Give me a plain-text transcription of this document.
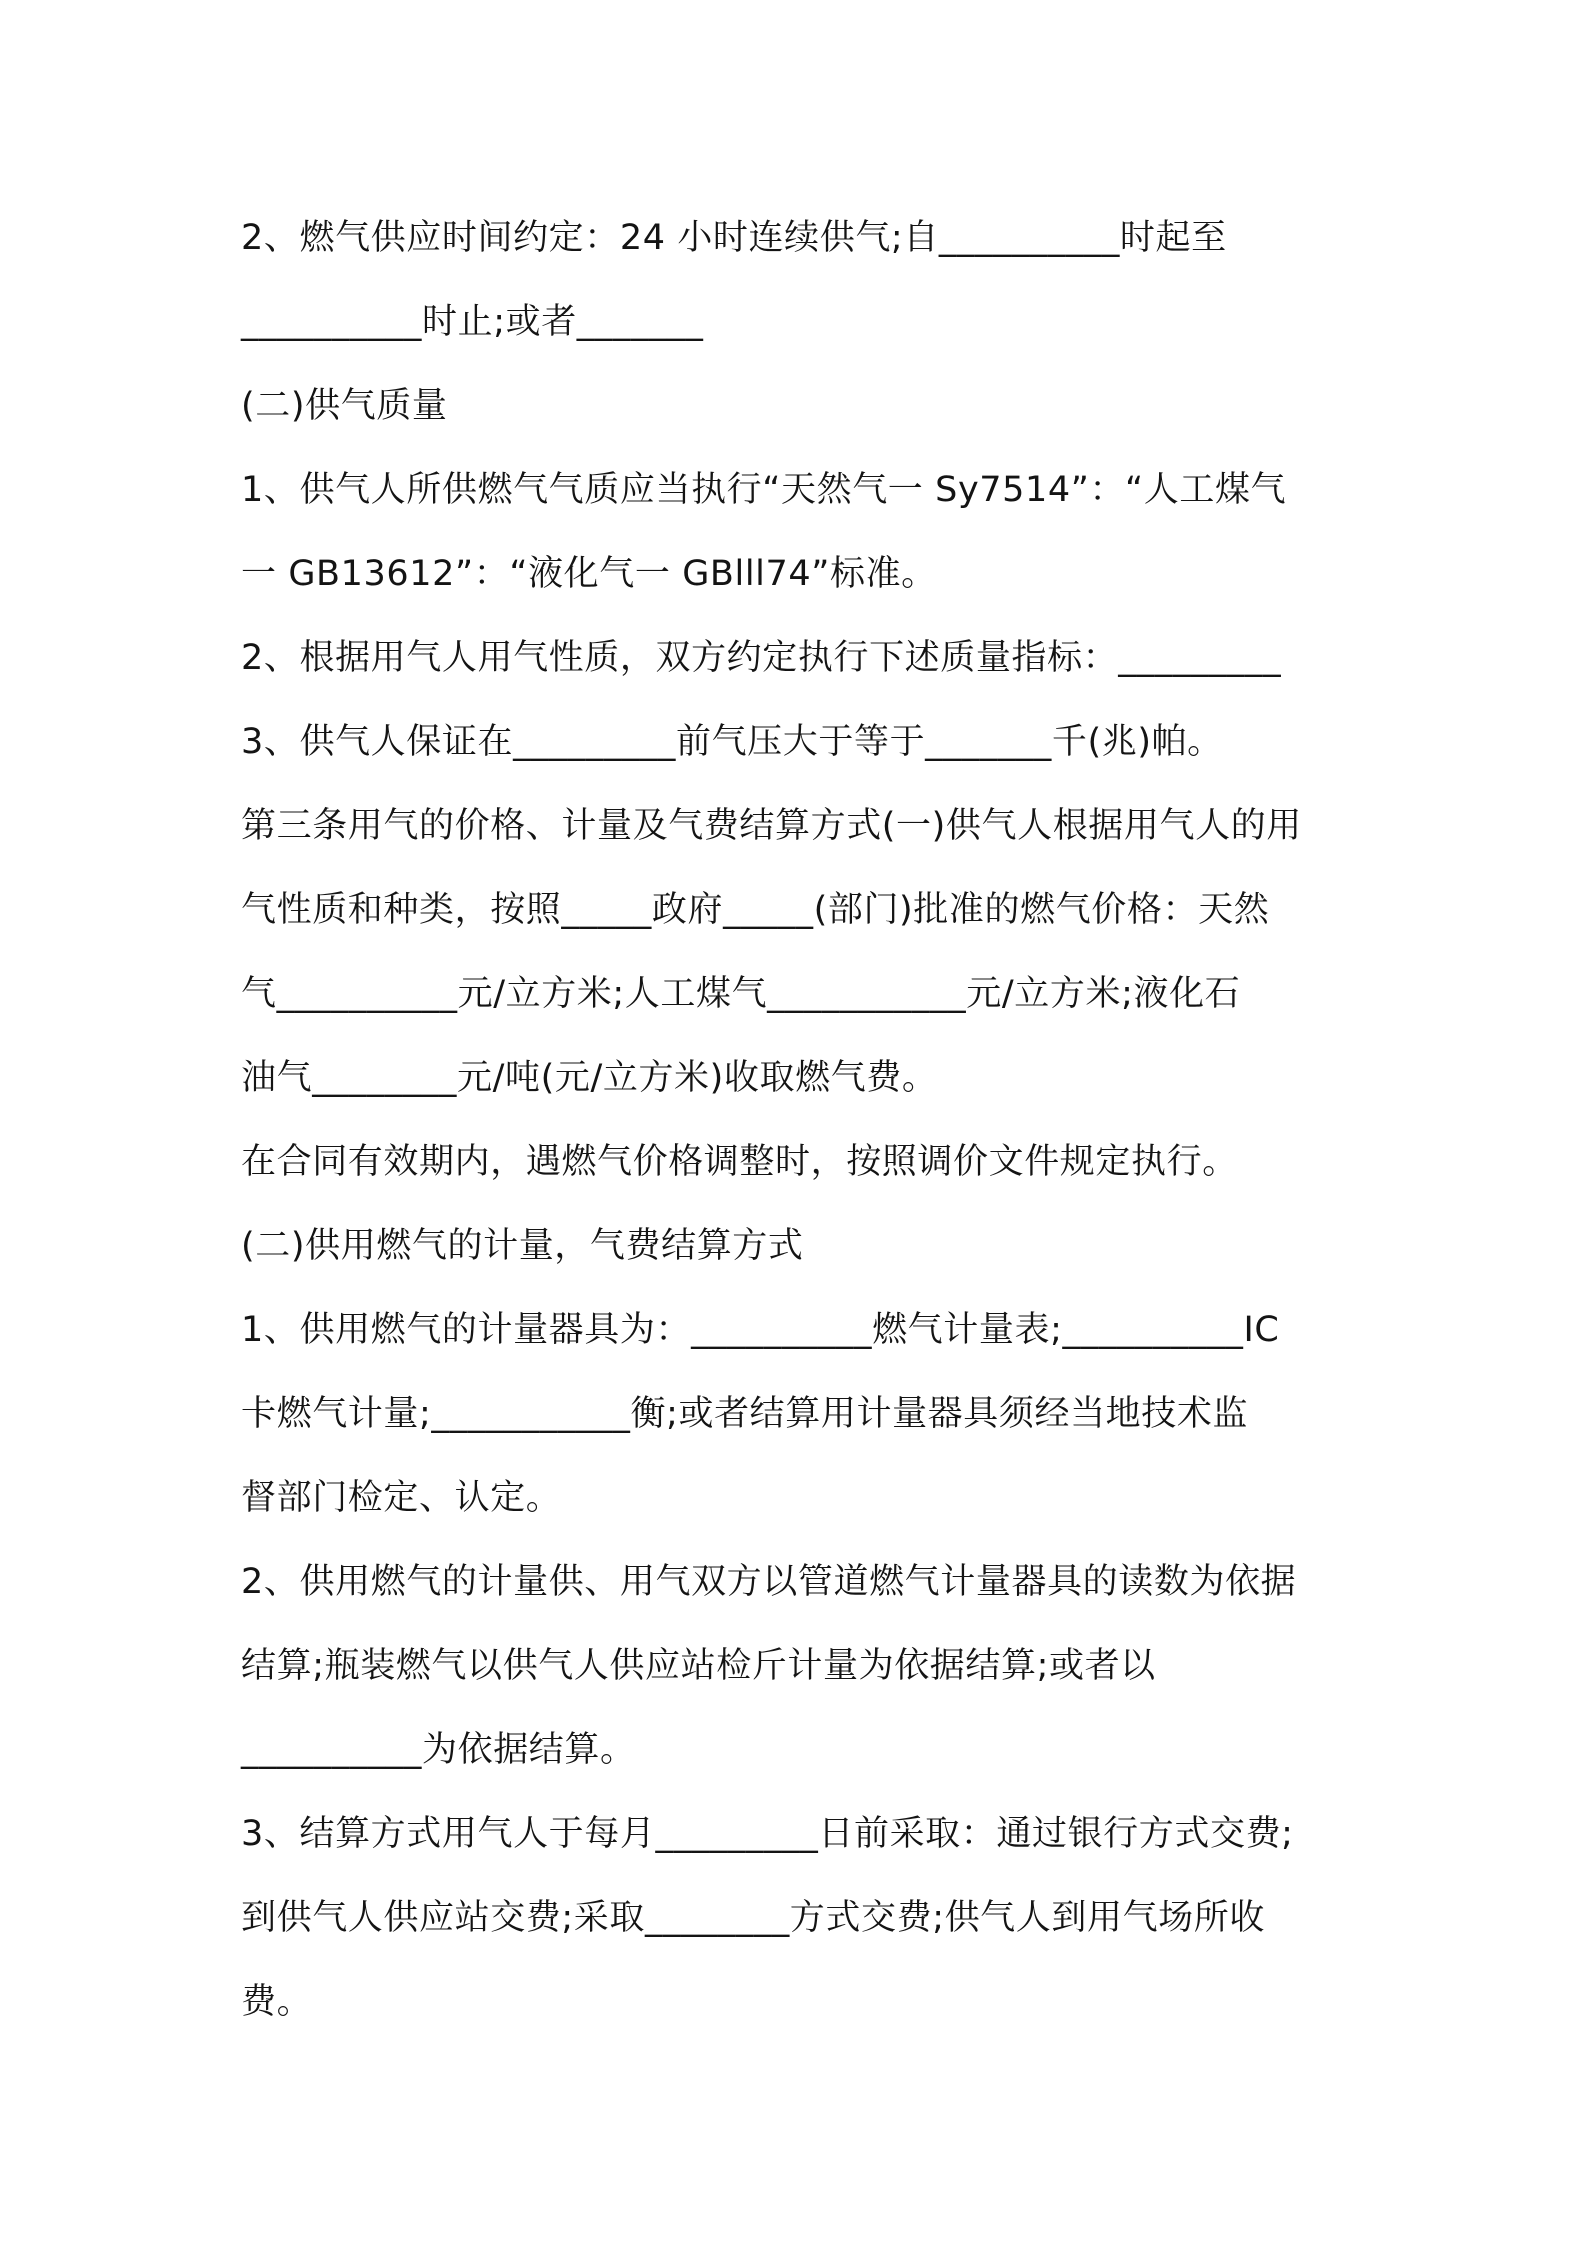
2、燃气供应时间约定：24 小时连续供气;自__________时起至
__________时止;或者_______
(二)供气质量
1、供气人所供燃气气质应当执行“天然气一 Sy7514”：“人工煤气
一 GB13612”：“液化气一 GBlll74”标准。
2、根据用气人用气性质，双方约定执行下述质量指标：_________
3、供气人保证在_________前气压大于等于_______千(兆)帕。
第三条用气的价格、计量及气费结算方式(一)供气人根据用气人的用
气性质和种类，按照_____政府_____(部门)批准的燃气价格：天然
气__________元/立方米;人工煤气___________元/立方米;液化石
油气________元/吨(元/立方米)收取燃气费。
在合同有效期内，遇燃气价格调整时，按照调价文件规定执行。
(二)供用燃气的计量，气费结算方式
1、供用燃气的计量器具为：__________燃气计量表;__________IC
卡燃气计量;___________衡;或者结算用计量器具须经当地技术监
督部门检定、认定。
2、供用燃气的计量供、用气双方以管道燃气计量器具的读数为依据
结算;瓶装燃气以供气人供应站检斤计量为依据结算;或者以
__________为依据结算。
3、结算方式用气人于每月_________日前采取：通过银行方式交费;
到供气人供应站交费;采取________方式交费;供气人到用气场所收
费。
